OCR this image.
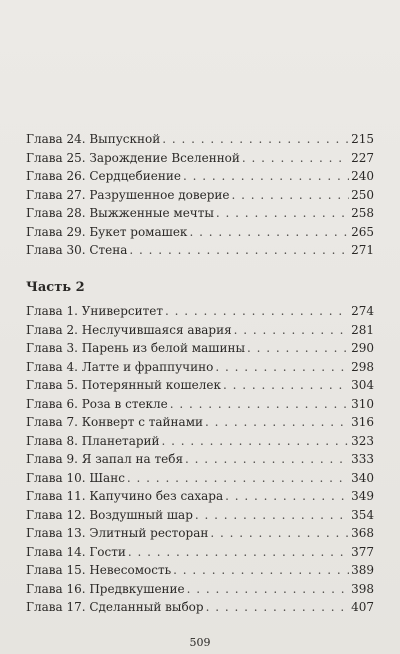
Глава 24. Выпускной . . .	215
Глава 25. Зарождение Вселенной . . .	227
Глава 26. Сердцебиение . . .	240
Глава 27. Разрушенное доверие . . .	250
Глава 28. Выжженные мечты . . .	258
Глава 29. Букет ромашек . . .	265
Глава 30. Стена . . .	271
Часть 2
Глава 1. Университет . . .	274
Глава 2. Неслучившаяся авария . . .	281
Глава 3. Парень из белой машины . . .	290
Глава 4. Латте и фраппучино . . .	298
Глава 5. Потерянный кошелек . . .	304
Глава 6. Роза в стекле . . .	310
Глава 7. Конверт с тайнами . . .	316
Глава 8. Планетарий . . .	323
Глава 9. Я запал на тебя . . .	333
Глава 10. Шанс . . .	340
Глава 11. Капучино без сахара . . .	349
Глава 12. Воздушный шар . . .	354
Глава 13. Элитный ресторан . . .	368
Глава 14. Гости . . .	377
Глава 15. Невесомость . . .	389
Глава 16. Предвкушение . . .	398
Глава 17. Сделанный выбор . . .	407
509
